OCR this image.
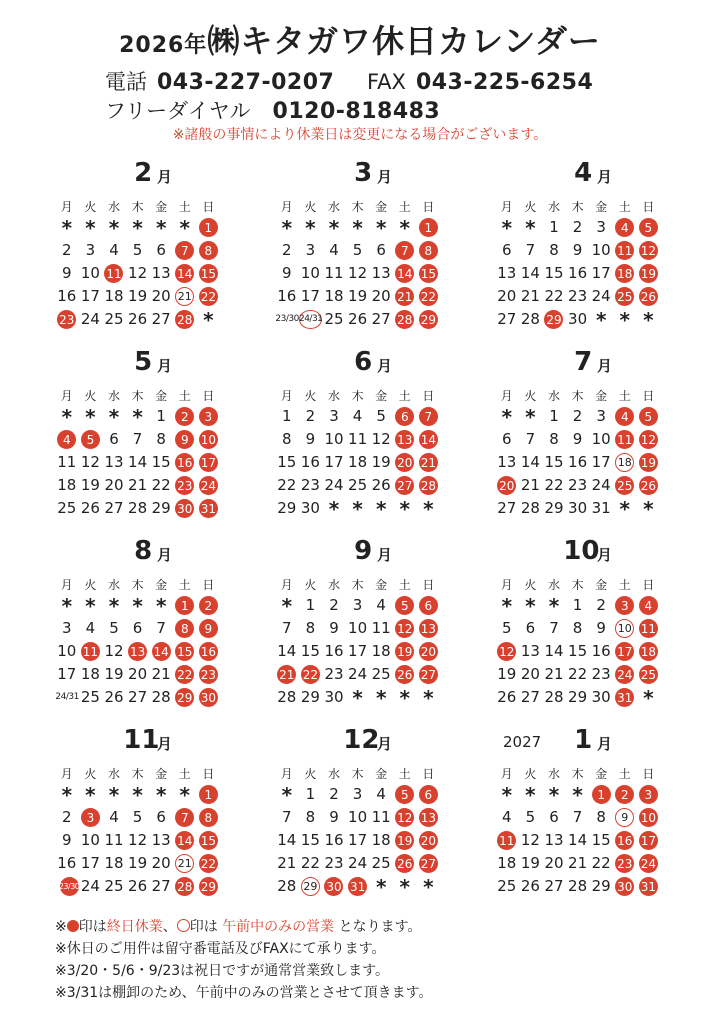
2026年㈱キタガワ休日カレンダー
電話 043-227-0207 FAX 043-225-6254
フリーダイヤル 0120-818483
※諸般の事情により休業日は変更になる場合がございます。
2 月
月 火 水 木 金 土 日
* * * * * *	1
2 3 4 5 6	7	8
9 10 11 12 13 14 15
16 17 18 19 20 21 22
23 24 25 26 27 28 *
3 月
月 火 水 木 金 土 日
* * * * * *	1
2 3 4 5 6	7	8
9 10 11 12 13 14 15
16 17 18 19 20 21 22
23/30 24/31 25 26 27 28 29
4 月
月 火 水 木 金 土 日
* * 1 2 3	4	5
6 7 8 9 10 11 12
13 14 15 16 17 18 19
20 21 22 23 24 25 26
27 28 29 30 * * *
5 月
月 火 水 木 金 土 日
* * * * 1	2	3
4	5	6 7 8	9	10
11 12 13 14 15 16 17
18 19 20 21 22 23 24
25 26 27 28 29 30 31
6 月
月 火 水 木 金 土 日
1 2 3 4 5	6	7
8 9 10 11 12 13 14
15 16 17 18 19 20 21
22 23 24 25 26 27 28
29 30 * * * * *
7 月
月 火 水 木 金 土 日
* * 1 2 3	4	5
6 7 8 9 10 11 12
13 14 15 16 17 18 19
20 21 22 23 24 25 26
27 28 29 30 31 * *
8 月
月 火 水 木 金 土 日
* * * * *	1	2
3 4 5 6 7	8	9
10 11 12 13 14 15 16
17 18 19 20 21 22 23
24/31 25 26 27 28 29 30
9 月
月 火 水 木 金 土 日
* 1 2 3 4	5	6
7 8 9 10 11 12 13
14 15 16 17 18 19 20
21 22 23 24 25 26 27
28 29 30 * * * *
10
月
月 火 水 木 金 土 日
* * * 1 2	3	4
5 6 7 8 9	10 11
12 13 14 15 16 17 18
19 20 21 22 23 24 25
26 27 28 29 30 31 *
11
月
月 火 水 木 金 土 日
* * * * * *	1
2	3	4 5 6	7	8
9 10 11 12 13 14 15
16 17 18 19 20 21 22
23/30 24 25 26 27 28 29
12
月
月 火 水 木 金 土 日
* 1 2 3 4	5	6
7 8 9 10 11 12 13
14 15 16 17 18 19 20
21 22 23 24 25 26 27
28 29 30 31 * * *
2027 1 月
月 火 水 木 金 土 日
* * * *	1	2	3
4 5 6 7 8	9	10
11 12 13 14 15 16 17
18 19 20 21 22 23 24
25 26 27 28 29 30 31
※ 印は終日休業、 印は 午前中のみの営業 となります。
※休日のご用件は留守番電話及びFAXにて承ります。
※3/20・5/6・9/23は祝日ですが通常営業致します。
※3/31は棚卸のため、午前中のみの営業とさせて頂きます。
